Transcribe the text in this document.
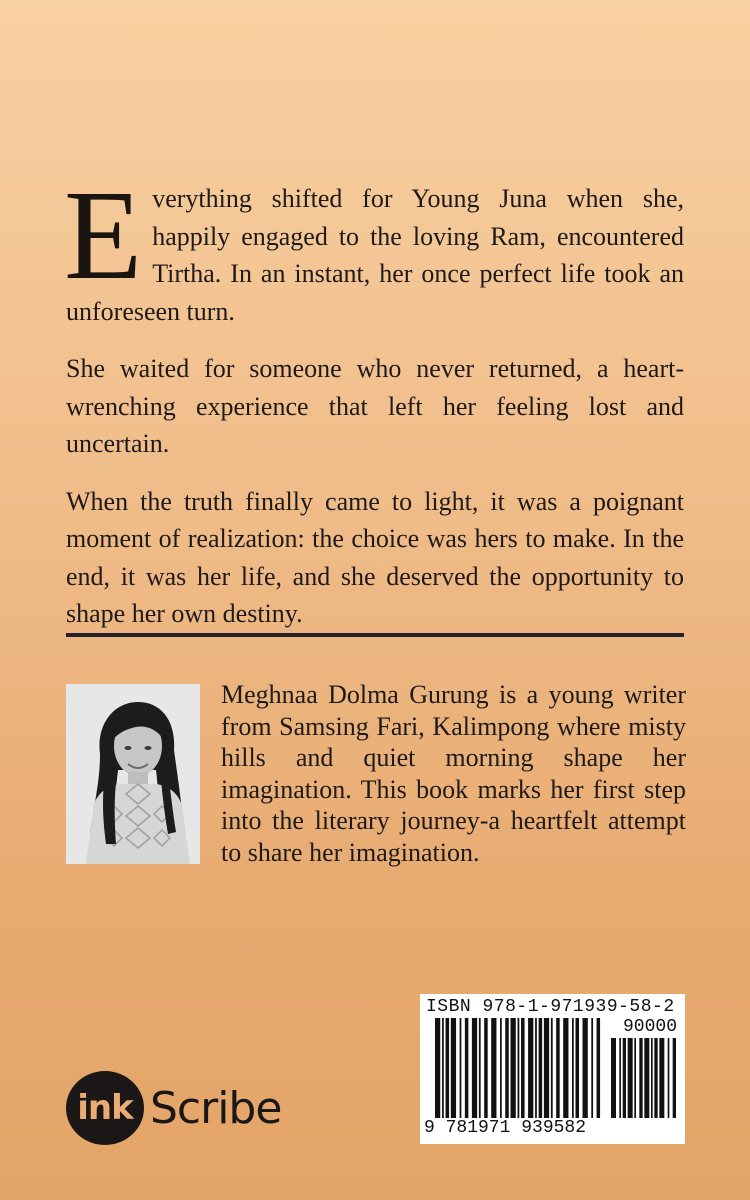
Everything shifted for Young Juna when she, happily engaged to the loving Ram, encountered Tirtha. In an instant, her once perfect life took an unforeseen turn.

She waited for someone who never returned, a heart-wrenching experience that left her feeling lost and uncertain.

When the truth finally came to light, it was a poignant moment of realization: the choice was hers to make. In the end, it was her life, and she deserved the opportunity to shape her own destiny.

Meghnaa Dolma Gurung is a young writer from Samsing Fari, Kalimpong where misty hills and quiet morning shape her imagination. This book marks her first step into the literary journey-a heartfelt attempt to share her imagination.

ink Scribe
ISBN 978-1-971939-58-2
90000
9 781971 939582
